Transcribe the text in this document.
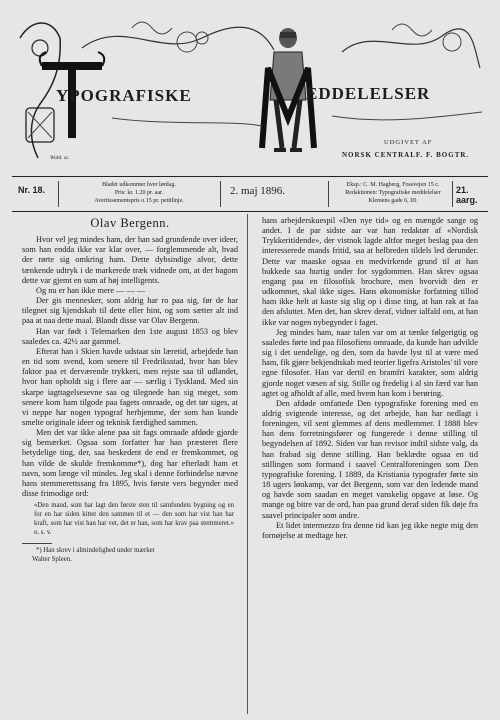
YPOGRAFISKE	EDDELELSER
UDGIVET AF
NORSK CENTRALF. F. BOGTR.
Wold. sc.
Nr. 18.	Bladet udkommer hver lørdag.
Pris: kr. 1.20 pr. aar.
Avertissementspris o.15 pr. petitlinje.
2. maj 1896.	Eksp.: C. M. Hagberg, Fossvejen 15 c.
Redaktionen: Typografiske meddelelser
Klemens gade 6, III.
21. aarg.
Olav Bergenn.

Hvor vel jeg mindes ham, der han sad grundende over ideer, som han endda ikke var klar over, — forglemmende alt, hvad der rørte sig omkring ham. Dette dybsindige alvor, dette tænkende udtryk i de markerede træk vidnede om, at der bagom dette var gjemt en sum af høj intelligents.

Og nu er han ikke mere — — —

Der gis mennesker, som aldrig har ro paa sig, før de har tilegnet sig kjendskab til dette eller hint, og som sætter alt ind paa at naa dette maal. Blandt disse var Olav Bergenn.

Han var født i Telemarken den 1ste august 1853 og blev saaledes ca. 42½ aar gammel.

Efterat han i Skien havde udstaat sin læretid, arbejdede han en tid som svend, kom senere til Fredriksstad, hvor han blev faktor paa et derværende trykkeri, men rejste saa til udlandet, hvor han opholdt sig i flere aar — særlig i Tyskland. Med sin skarpe iagttagelsesevne saa og tilegnede han sig meget, som senere kom ham tilgode paa fagets omraade, og det tør siges, at vi neppe har nogen typograf herhjemme, der som han kunde smelte originale ideer og teknisk færdighed sammen.

Men det var ikke alene paa sit fags omraade afdøde gjorde sig bemærket. Ogsaa som forfatter har han præsteret flere betydelige ting, der, saa beskedent de end er fremkommet, og han vilde de skulde fremkomme*), dog har efterladt ham et navn, som længe vil mindes. Jeg skal i denne forbindelse nævne hans stemmerettssang fra 1895, hvis første vers begynder med disse frimodige ord:

«Den mand, som har lagt den første sten til samfundets bygning og en for en har siden kittet den sammen til et — den som har vist han har kraft, som har vist han har vet, det er han, som har krav paa stemmeret.» o. s. v.

*) Han skrev i almindelighed under mærket
Walter Spleen.

hans arbejderskuespil «Den nye tid» og en mængde sange og andet. I de par sidste aar var han redaktør af «Nordisk Trykkeritidende», der vistnok lagde altfor meget beslag paa den interesserede mands fritid, saa at helbreden tildels led derunder. Dette var maaske ogsaa en medvirkende grund til at han bukkede saa hurtig under for sygdommen. Han skrev ogsaa engang paa en filosofisk brochure, men hvorvidt den er udkommet, skal ikke siges. Hans økonomiske forfatning tillod ham ikke helt at kaste sig slig op i disse ting, at han rak at faa den afsluttet. Men det, han skrev deraf, vidner ialfald om, at han ikke var nogen nybegynder i faget.

Jeg mindes ham, naar talen var om at tænke følgerigtig og saaledes førte ind paa filosofiens omraade, da kunde han udvikle sig i det uendelige, og den, som da havde lyst til at være med ham, fik gjøre bekjendtskab med teorier ligefra Aristoles' til vore egne filosofer. Han var dertil en bramfri karakter, som aldrig gjorde noget væsen af sig. Stille og fredelig i al sin færd var han agtet og afholdt af alle, med hvem han kom i berøring.

Den afdøde omfattede Den typografiske forening med en aldrig svigtende interesse, og det arbejde, han har nedlagt i foreningen, vil sent glemmes af dens medlemmer. I 1888 blev han dens forretningsfører og fungerede i denne stilling til begyndelsen af 1892. Siden var han revisor indtil sidste valg, da han frabad sig denne stilling. Han beklædte ogsaa en tid stillingen som formand i saavel Centralforeningen som Den typografiske forening. I 1889, da Kristiania typografer førte sin 18 ugers lønkamp, var det Bergenn, som var den ledende mand og havde som saadan en meget vanskelig opgave at løse. Og mange og bitre var de ord, han paa grund deraf siden fik døje fra saavel principaler som andre.

Et lidet intermezzo fra denne tid kan jeg ikke negte mig den fornøjelse at medtage her.
